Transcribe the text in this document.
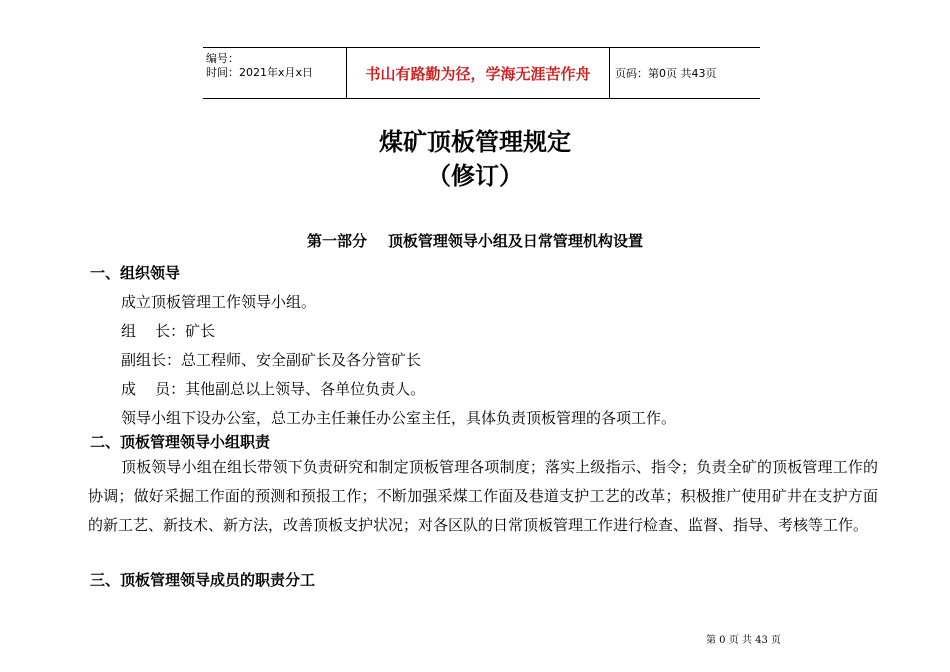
编号：
时间：2021年x月x日	书山有路勤为径，学海无涯苦作舟	页码：第0页 共43页
煤矿顶板管理规定
（修订）
第一部分    顶板管理领导小组及日常管理机构设置
一、组织领导
成立顶板管理工作领导小组。
组    长：矿长
副组长：总工程师、安全副矿长及各分管矿长
成    员：其他副总以上领导、各单位负责人。
领导小组下设办公室，总工办主任兼任办公室主任，具体负责顶板管理的各项工作。
二、顶板管理领导小组职责
顶板领导小组在组长带领下负责研究和制定顶板管理各项制度；落实上级指示、指令；负责全矿的顶板管理工作的协调；做好采掘工作面的预测和预报工作；不断加强采煤工作面及巷道支护工艺的改革；积极推广使用矿井在支护方面的新工艺、新技术、新方法，改善顶板支护状况；对各区队的日常顶板管理工作进行检查、监督、指导、考核等工作。
三、顶板管理领导成员的职责分工
第 0 页 共 43 页
